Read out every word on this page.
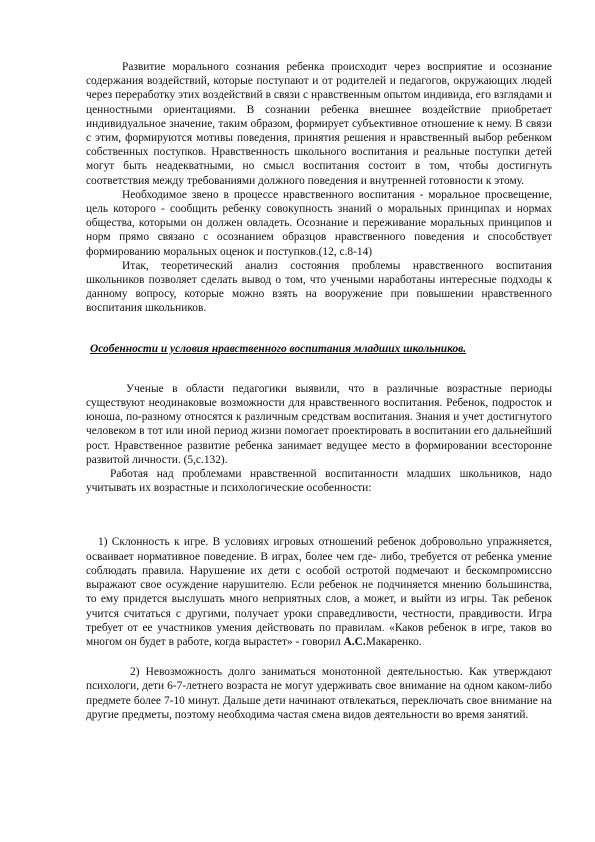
Развитие морального сознания ребенка происходит через восприятие и осознание содержания воздействий, которые поступают и от родителей и педагогов, окружающих людей через переработку этих воздействий в связи с нравственным опытом индивида, его взглядами и ценностными ориентациями. В сознании ребенка внешнее воздействие приобретает индивидуальное значение, таким образом, формирует субъективное отношение к нему. В связи с этим, формируются мотивы поведения, принятия решения и нравственный выбор ребенком собственных поступков. Нравственность школьного воспитания и реальные поступки детей могут быть неадекватными, но смысл воспитания состоит в том, чтобы достигнуть соответствия между требованиями должного поведения и внутренней готовности к этому.

Необходимое звено в процессе нравственного воспитания - моральное просвещение, цель которого - сообщить ребенку совокупность знаний о моральных принципах и нормах общества, которыми он должен овладеть. Осознание и переживание моральных принципов и норм прямо связано с осознанием образцов нравственного поведения и способствует формированию моральных оценок и поступков.(12, с.8-14)

Итак, теоретический анализ состояния проблемы нравственного воспитания школьников позволяет сделать вывод о том, что учеными наработаны интересные подходы к данному вопросу, которые можно взять на вооружение при повышении нравственного воспитания школьников.

Особенности и условия нравственного воспитания младших школьников.

Ученые в области педагогики выявили, что в различные возрастные периоды существуют неодинаковые возможности для нравственного воспитания. Ребенок, подросток и юноша, по-разному относятся к различным средствам воспитания. Знания и учет достигнутого человеком в тот или иной период жизни помогает проектировать в воспитании его дальнейший рост. Нравственное развитие ребенка занимает ведущее место в формировании всесторонне развитой личности. (5,с.132).

Работая над проблемами нравственной воспитанности младших школьников, надо учитывать их возрастные и психологические особенности:

1) Склонность к игре. В условиях игровых отношений ребенок добровольно упражняется, осваивает нормативное поведение. В играх, более чем где- либо, требуется от ребенка умение соблюдать правила. Нарушение их дети с особой остротой подмечают и бескомпромиссно выражают свое осуждение нарушителю. Если ребенок не подчиняется мнению большинства, то ему придется выслушать много неприятных слов, а может, и выйти из игры. Так ребенок учится считаться с другими, получает уроки справедливости, честности, правдивости. Игра требует от ее участников умения действовать по правилам. «Каков ребенок в игре, таков во многом он будет в работе, когда вырастет» - говорил А.С.Макаренко.

2) Невозможность долго заниматься монотонной деятельностью. Как утверждают психологи, дети 6-7-летнего возраста не могут удерживать свое внимание на одном каком-либо предмете более 7-10 минут. Дальше дети начинают отвлекаться, переключать свое внимание на другие предметы, поэтому необходима частая смена видов деятельности во время занятий.
